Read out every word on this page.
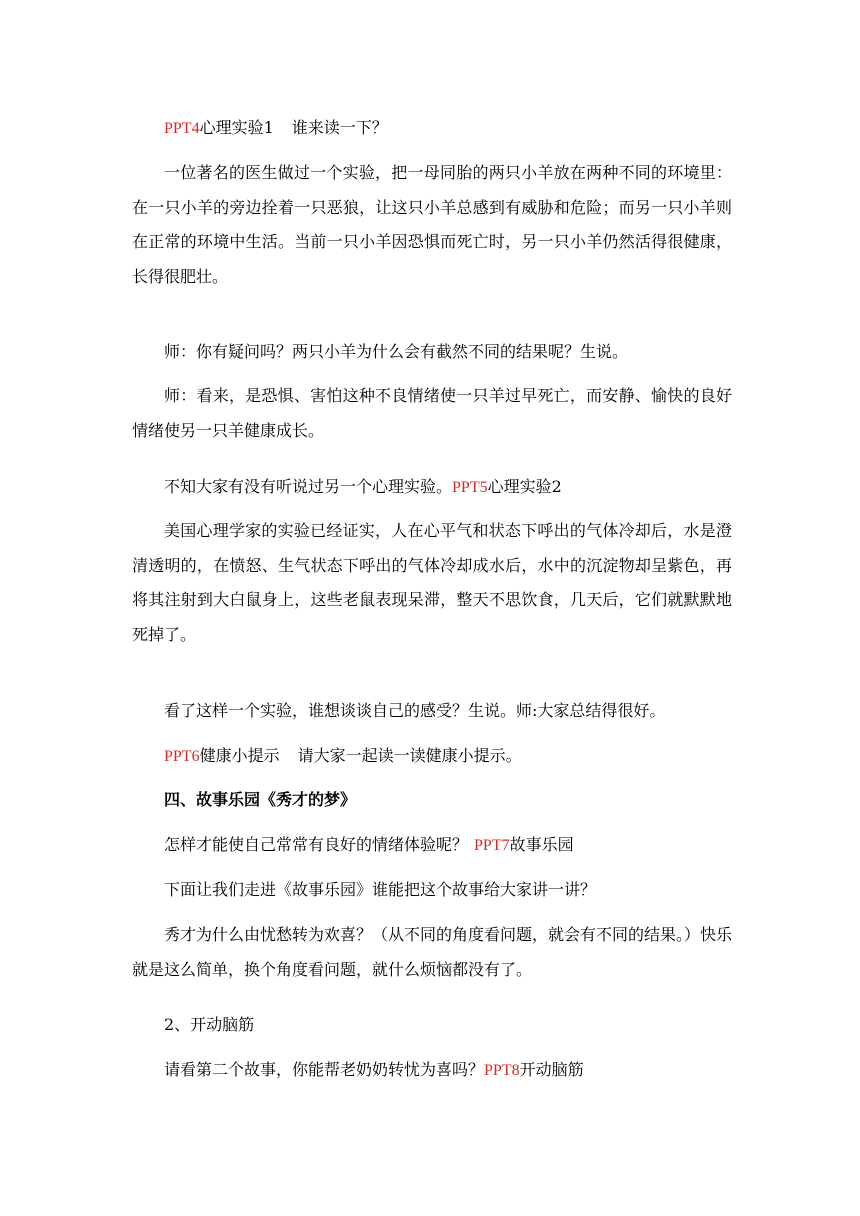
PPT4心理实验1 谁来读一下？

一位著名的医生做过一个实验，把一母同胎的两只小羊放在两种不同的环境里：在一只小羊的旁边拴着一只恶狼，让这只小羊总感到有威胁和危险；而另一只小羊则在正常的环境中生活。当前一只小羊因恐惧而死亡时，另一只小羊仍然活得很健康，长得很肥壮。

师：你有疑问吗？两只小羊为什么会有截然不同的结果呢？生说。

师：看来，是恐惧、害怕这种不良情绪使一只羊过早死亡，而安静、愉快的良好情绪使另一只羊健康成长。

不知大家有没有听说过另一个心理实验。PPT5心理实验2

美国心理学家的实验已经证实，人在心平气和状态下呼出的气体冷却后，水是澄清透明的，在愤怒、生气状态下呼出的气体冷却成水后，水中的沉淀物却呈紫色，再将其注射到大白鼠身上，这些老鼠表现呆滞，整天不思饮食，几天后，它们就默默地死掉了。

看了这样一个实验，谁想谈谈自己的感受？生说。师:大家总结得很好。

PPT6健康小提示 请大家一起读一读健康小提示。

四、故事乐园《秀才的梦》

怎样才能使自己常常有良好的情绪体验呢？ PPT7故事乐园

下面让我们走进《故事乐园》谁能把这个故事给大家讲一讲？

秀才为什么由忧愁转为欢喜？（从不同的角度看问题，就会有不同的结果。）快乐就是这么简单，换个角度看问题，就什么烦恼都没有了。

2、开动脑筋

请看第二个故事，你能帮老奶奶转忧为喜吗？PPT8开动脑筋
